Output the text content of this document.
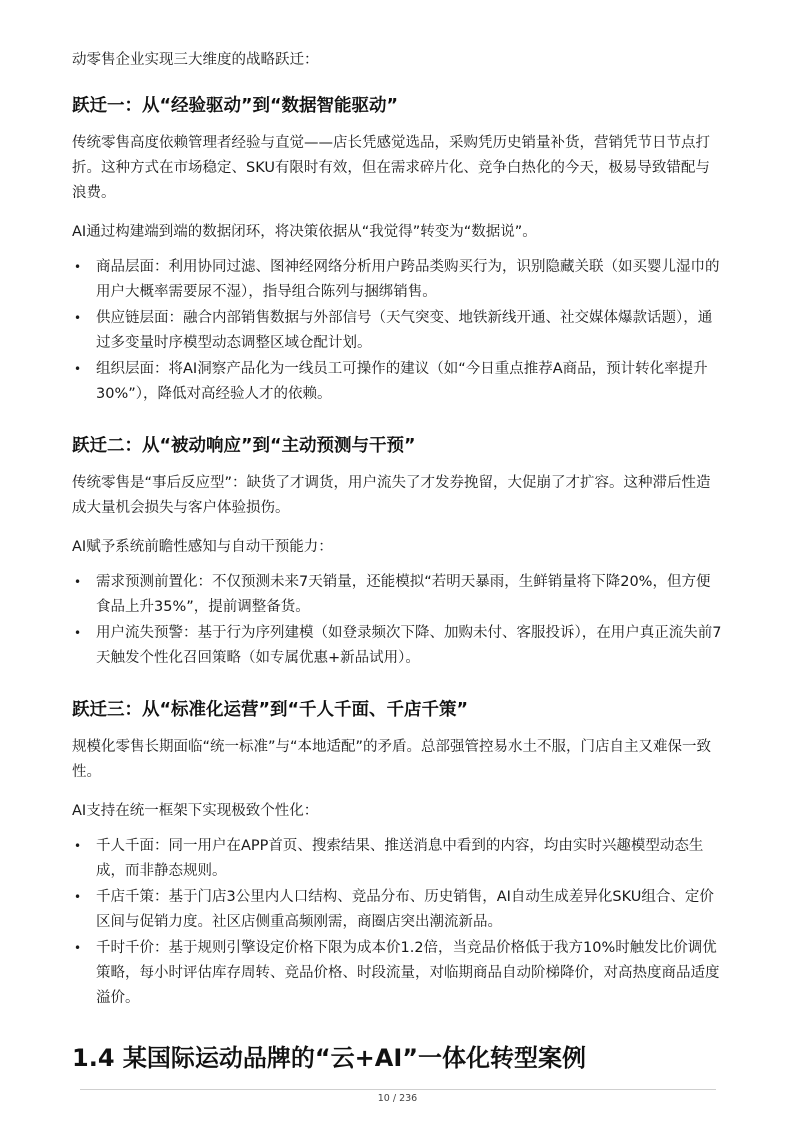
动零售企业实现三大维度的战略跃迁：

跃迁一：从“经验驱动”到“数据智能驱动”

传统零售高度依赖管理者经验与直觉——店长凭感觉选品，采购凭历史销量补货，营销凭节日节点打折。这种方式在市场稳定、SKU有限时有效，但在需求碎片化、竞争白热化的今天，极易导致错配与浪费。

AI通过构建端到端的数据闭环，将决策依据从“我觉得”转变为“数据说”。

• 商品层面：利用协同过滤、图神经网络分析用户跨品类购买行为，识别隐藏关联（如买婴儿湿巾的用户大概率需要尿不湿），指导组合陈列与捆绑销售。
• 供应链层面：融合内部销售数据与外部信号（天气突变、地铁新线开通、社交媒体爆款话题），通过多变量时序模型动态调整区域仓配计划。
• 组织层面：将AI洞察产品化为一线员工可操作的建议（如“今日重点推荐A商品，预计转化率提升30%”），降低对高经验人才的依赖。
跃迁二：从“被动响应”到“主动预测与干预”

传统零售是“事后反应型”：缺货了才调货，用户流失了才发券挽留，大促崩了才扩容。这种滞后性造成大量机会损失与客户体验损伤。

AI赋予系统前瞻性感知与自动干预能力：

• 需求预测前置化：不仅预测未来7天销量，还能模拟“若明天暴雨，生鲜销量将下降20%，但方便食品上升35%”，提前调整备货。
• 用户流失预警：基于行为序列建模（如登录频次下降、加购未付、客服投诉），在用户真正流失前7天触发个性化召回策略（如专属优惠+新品试用）。
跃迁三：从“标准化运营”到“千人千面、千店千策”

规模化零售长期面临“统一标准”与“本地适配”的矛盾。总部强管控易水土不服，门店自主又难保一致性。

AI支持在统一框架下实现极致个性化：

• 千人千面：同一用户在APP首页、搜索结果、推送消息中看到的内容，均由实时兴趣模型动态生成，而非静态规则。
• 千店千策：基于门店3公里内人口结构、竞品分布、历史销售，AI自动生成差异化SKU组合、定价区间与促销力度。社区店侧重高频刚需，商圈店突出潮流新品。
• 千时千价：基于规则引擎设定价格下限为成本价1.2倍，当竞品价格低于我方10%时触发比价调优策略，每小时评估库存周转、竞品价格、时段流量，对临期商品自动阶梯降价，对高热度商品适度溢价。
1.4 某国际运动品牌的“云+AI”一体化转型案例
10 / 236
